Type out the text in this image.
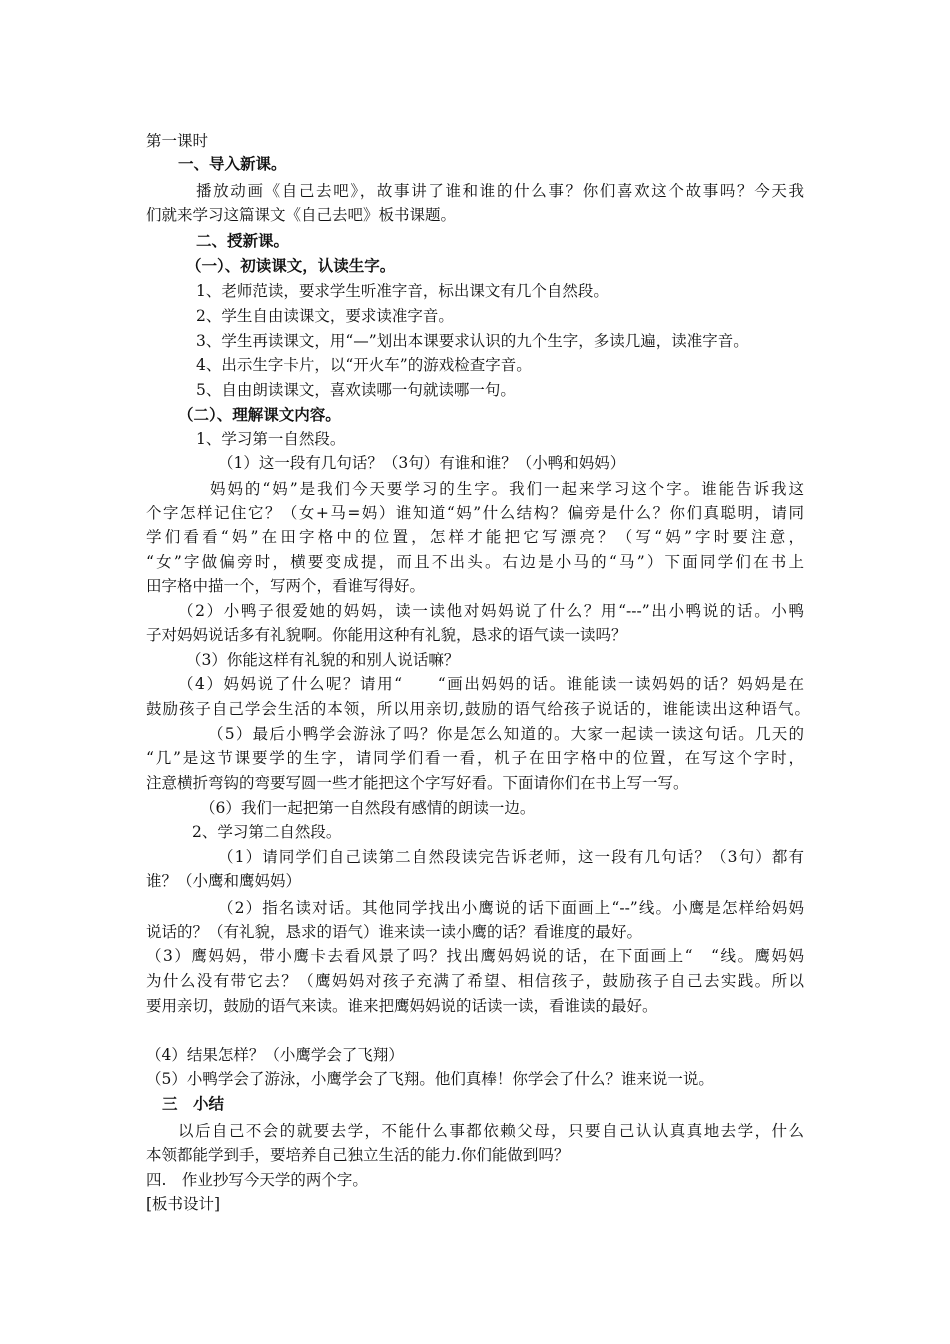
第一课时
一、导入新课。
播放动画《自己去吧》，故事讲了谁和谁的什么事？你们喜欢这个故事吗？今天我
们就来学习这篇课文《自己去吧》板书课题。
二、授新课。
（一）、初读课文，认读生字。
1、老师范读，要求学生听准字音，标出课文有几个自然段。
2、学生自由读课文，要求读准字音。
3、学生再读课文，用“—”划出本课要求认识的九个生字，多读几遍，读准字音。
4、出示生字卡片，以“开火车”的游戏检查字音。
5、自由朗读课文，喜欢读哪一句就读哪一句。
（二）、理解课文内容。
1、学习第一自然段。
（1）这一段有几句话？（3句）有谁和谁？（小鸭和妈妈）
妈妈的“妈”是我们今天要学习的生字。我们一起来学习这个字。谁能告诉我这
个字怎样记住它？（女+马=妈）谁知道“妈”什么结构？偏旁是什么？你们真聪明，请同
学们看看“妈”在田字格中的位置，怎样才能把它写漂亮？（写“妈”字时要注意，
“女”字做偏旁时，横要变成提，而且不出头。右边是小马的“马”）下面同学们在书上
田字格中描一个，写两个，看谁写得好。
（2）小鸭子很爱她的妈妈，读一读他对妈妈说了什么？用“---”出小鸭说的话。小鸭
子对妈妈说话多有礼貌啊。你能用这种有礼貌，恳求的语气读一读吗？
（3）你能这样有礼貌的和别人说话嘛？
（4）妈妈说了什么呢？请用“　　“画出妈妈的话。谁能读一读妈妈的话？妈妈是在
鼓励孩子自己学会生活的本领，所以用亲切,鼓励的语气给孩子说话的，谁能读出这种语气。
（5）最后小鸭学会游泳了吗？你是怎么知道的。大家一起读一读这句话。几天的
“几”是这节课要学的生字，请同学们看一看，机子在田字格中的位置，在写这个字时，
注意横折弯钩的弯要写圆一些才能把这个字写好看。下面请你们在书上写一写。
（6）我们一起把第一自然段有感情的朗读一边。
2、学习第二自然段。
（1）请同学们自己读第二自然段读完告诉老师，这一段有几句话？（3句）都有
谁？（小鹰和鹰妈妈）
（2）指名读对话。其他同学找出小鹰说的话下面画上“--”线。小鹰是怎样给妈妈
说话的？（有礼貌，恳求的语气）谁来读一读小鹰的话？看谁度的最好。
（3）鹰妈妈，带小鹰卡去看风景了吗？找出鹰妈妈说的话，在下面画上“　“线。鹰妈妈
为什么没有带它去？（鹰妈妈对孩子充满了希望、相信孩子，鼓励孩子自己去实践。所以
要用亲切，鼓励的语气来读。谁来把鹰妈妈说的话读一读，看谁读的最好。
（4）结果怎样？（小鹰学会了飞翔）
（5）小鸭学会了游泳，小鹰学会了飞翔。他们真棒！你学会了什么？谁来说一说。
三　小结
以后自己不会的就要去学，不能什么事都依赖父母，只要自己认认真真地去学，什么
本领都能学到手，要培养自己独立生活的能力.你们能做到吗？
四.　作业抄写今天学的两个字。
[板书设计]
